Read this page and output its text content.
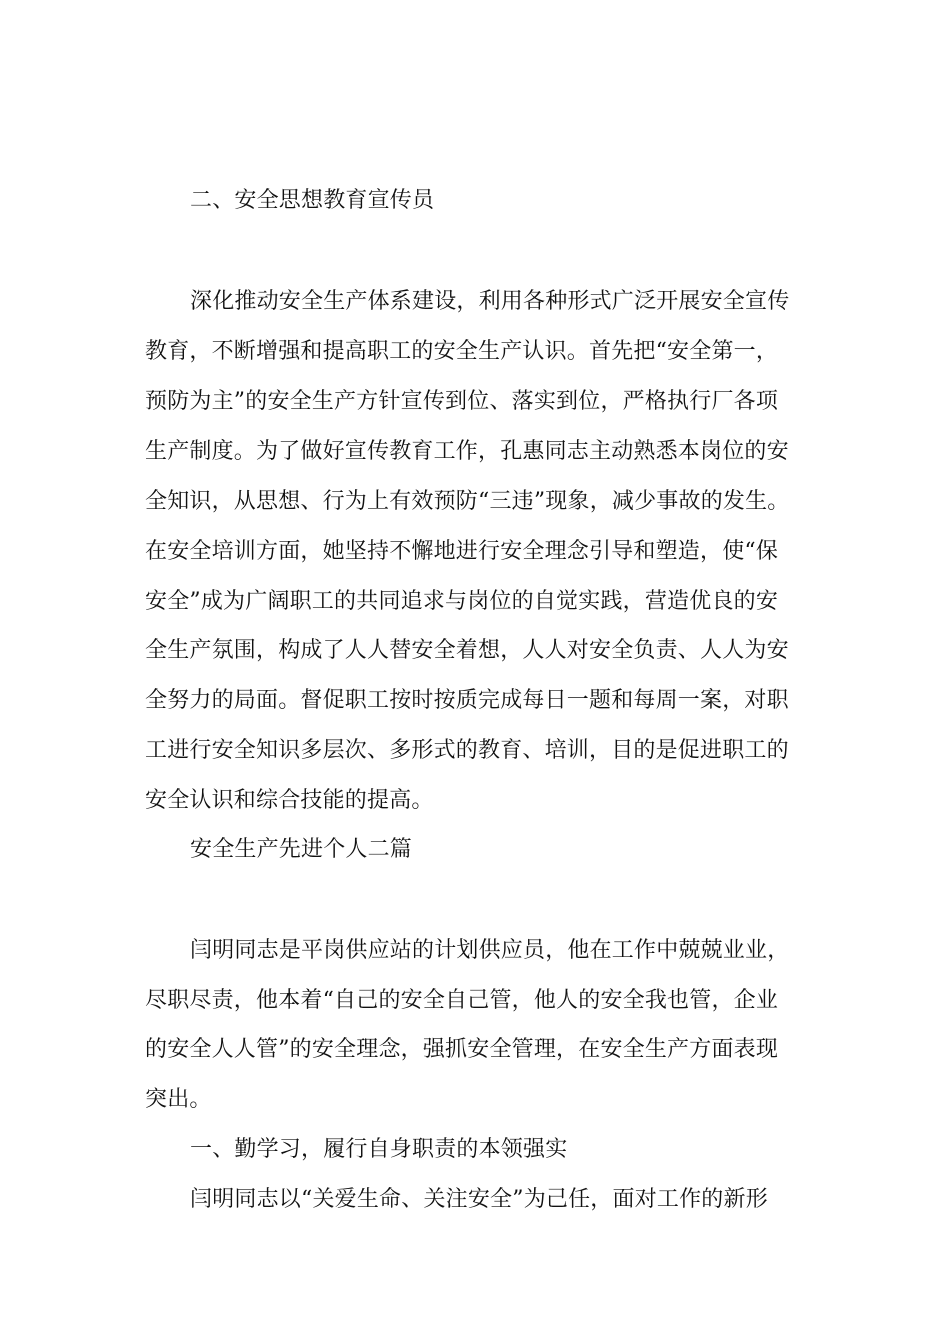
二、安全思想教育宣传员
深化推动安全生产体系建设，利用各种形式广泛开展安全宣传
教育，不断增强和提高职工的安全生产认识。首先把“安全第一，
预防为主”的安全生产方针宣传到位、落实到位，严格执行厂各项
生产制度。为了做好宣传教育工作，孔惠同志主动熟悉本岗位的安
全知识，从思想、行为上有效预防“三违”现象，减少事故的发生。
在安全培训方面，她坚持不懈地进行安全理念引导和塑造，使“保
安全”成为广阔职工的共同追求与岗位的自觉实践，营造优良的安
全生产氛围，构成了人人替安全着想，人人对安全负责、人人为安
全努力的局面。督促职工按时按质完成每日一题和每周一案，对职
工进行安全知识多层次、多形式的教育、培训，目的是促进职工的
安全认识和综合技能的提高。
安全生产先进个人二篇
闫明同志是平岗供应站的计划供应员，他在工作中兢兢业业，
尽职尽责，他本着“自己的安全自己管，他人的安全我也管，企业
的安全人人管”的安全理念，强抓安全管理，在安全生产方面表现
突出。
一、勤学习，履行自身职责的本领强实
闫明同志以“关爱生命、关注安全”为己任，面对工作的新形
